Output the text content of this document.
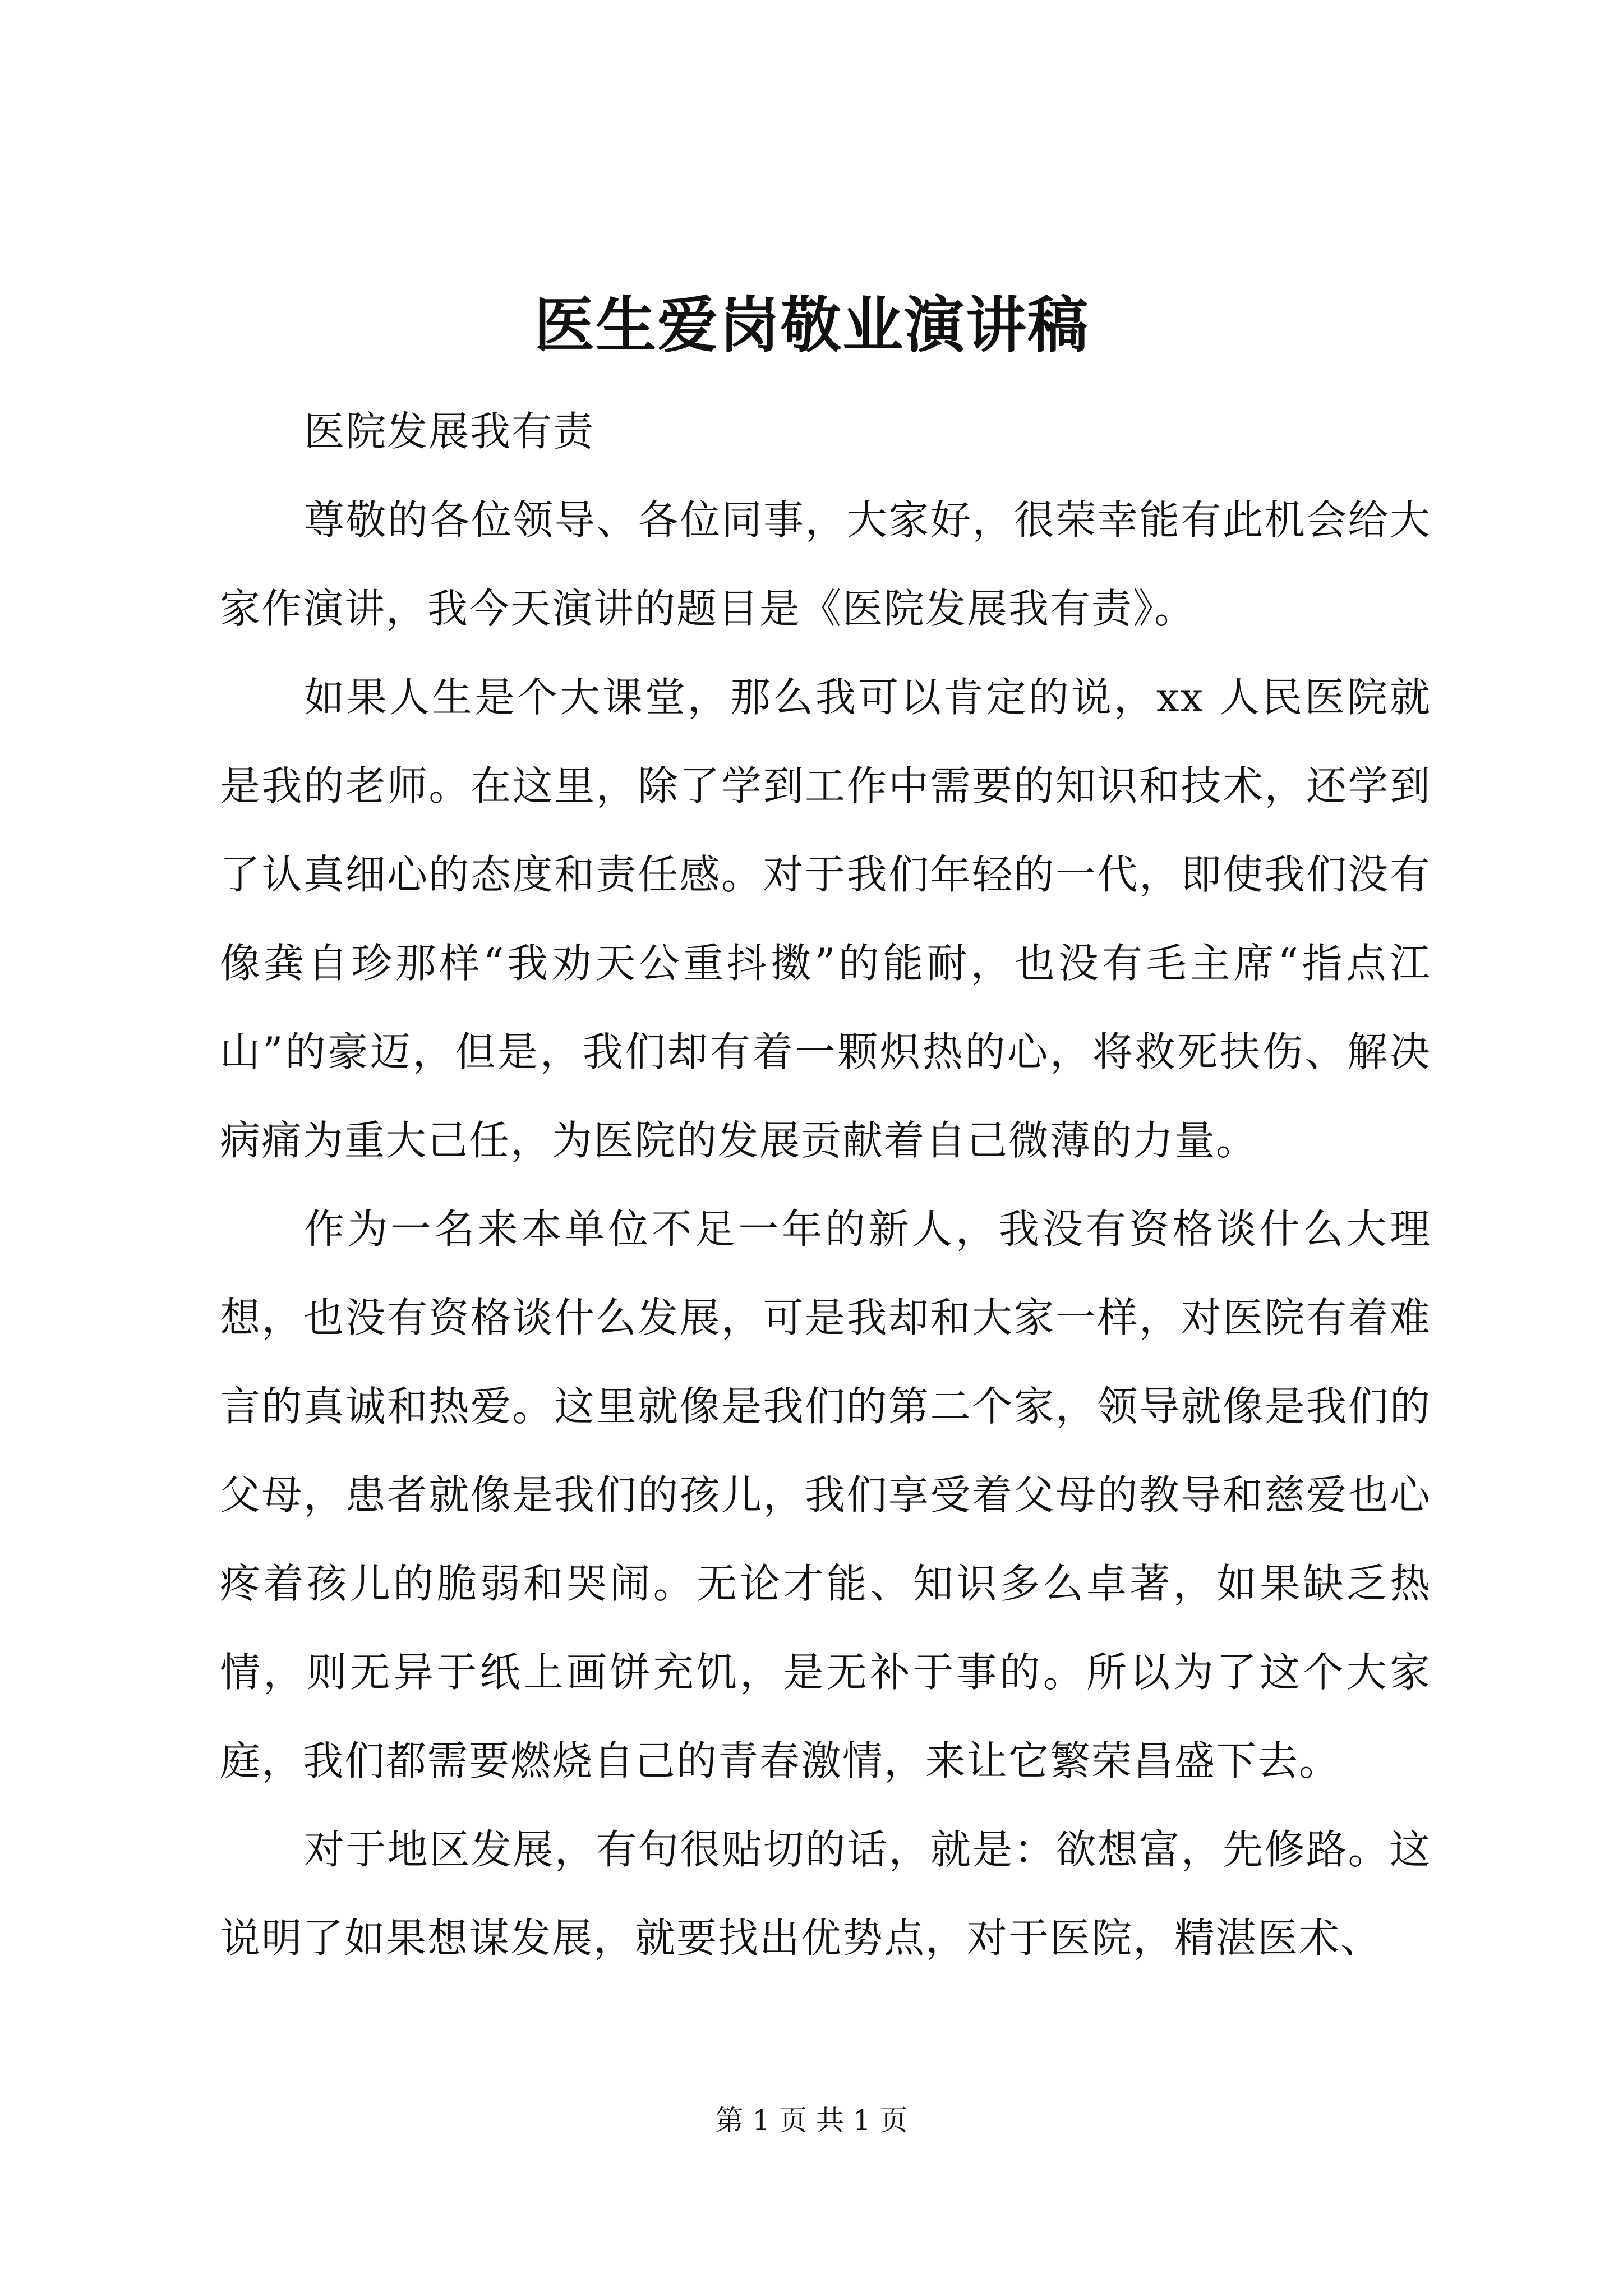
医生爱岗敬业演讲稿

医院发展我有责

尊敬的各位领导、各位同事，大家好，很荣幸能有此机会给大家作演讲，我今天演讲的题目是《医院发展我有责》。

如果人生是个大课堂，那么我可以肯定的说，xx 人民医院就是我的老师。在这里，除了学到工作中需要的知识和技术，还学到了认真细心的态度和责任感。对于我们年轻的一代，即使我们没有像龚自珍那样“我劝天公重抖擞”的能耐，也没有毛主席“指点江山”的豪迈，但是，我们却有着一颗炽热的心，将救死扶伤、解决病痛为重大己任，为医院的发展贡献着自己微薄的力量。

作为一名来本单位不足一年的新人，我没有资格谈什么大理想，也没有资格谈什么发展，可是我却和大家一样，对医院有着难言的真诚和热爱。这里就像是我们的第二个家，领导就像是我们的父母，患者就像是我们的孩儿，我们享受着父母的教导和慈爱也心疼着孩儿的脆弱和哭闹。无论才能、知识多么卓著，如果缺乏热情，则无异于纸上画饼充饥，是无补于事的。所以为了这个大家庭，我们都需要燃烧自己的青春激情，来让它繁荣昌盛下去。

对于地区发展，有句很贴切的话，就是：欲想富，先修路。这说明了如果想谋发展，就要找出优势点，对于医院，精湛医术、

第 1 页 共 1 页
